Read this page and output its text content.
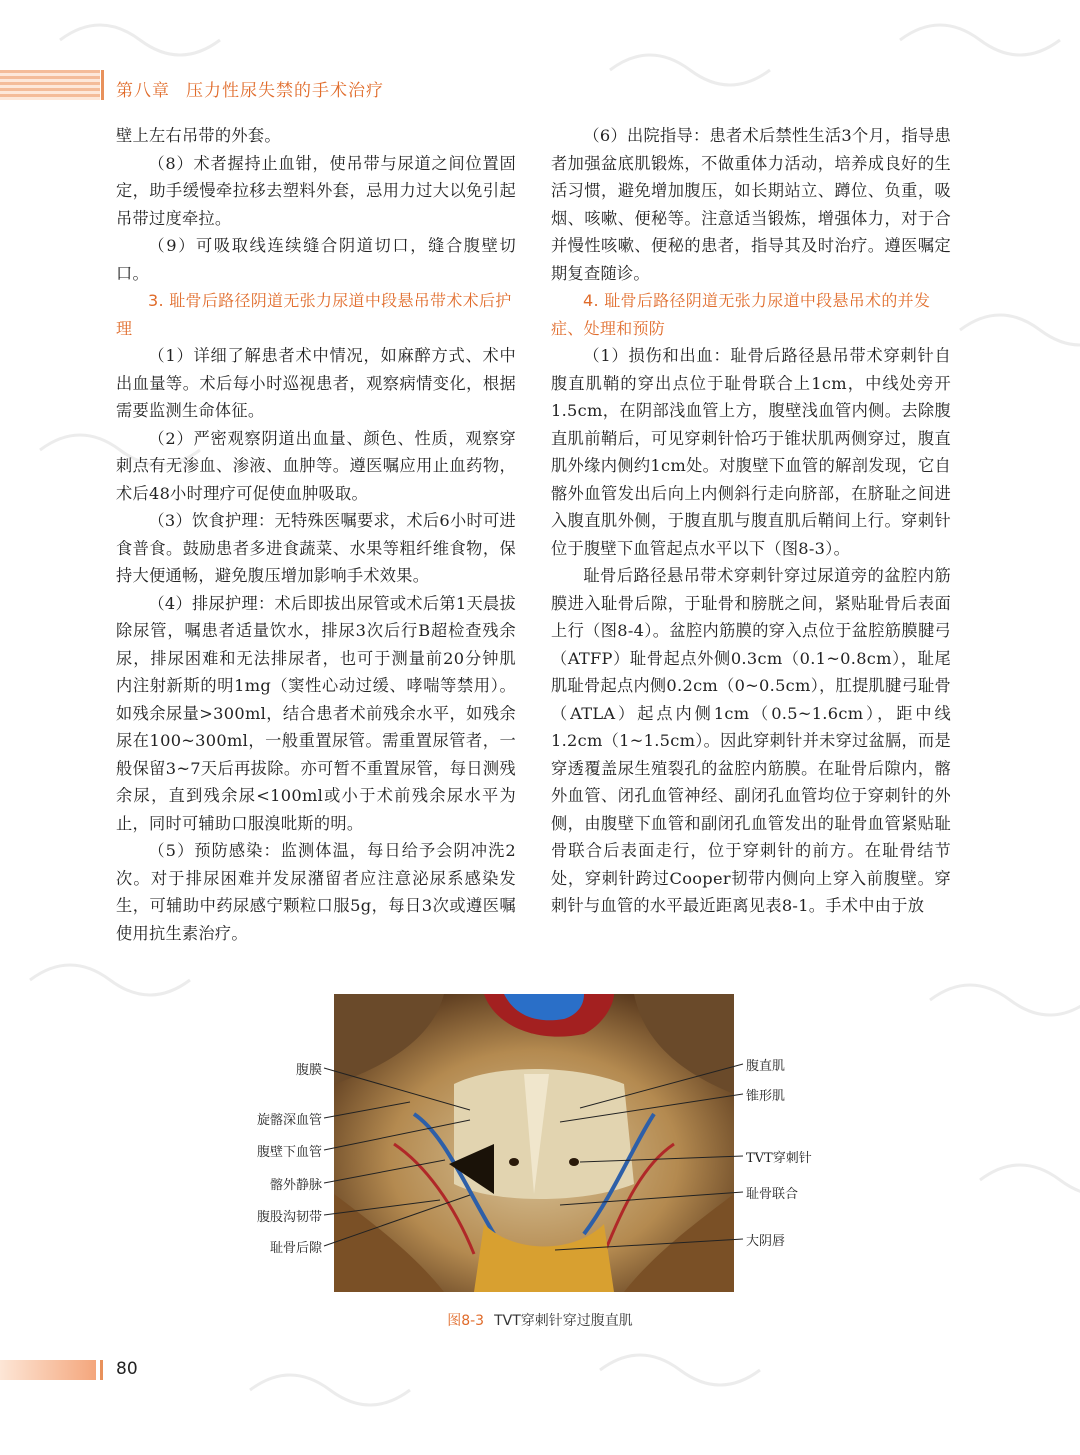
第八章 压力性尿失禁的手术治疗

壁上左右吊带的外套。

（8）术者握持止血钳，使吊带与尿道之间位置固定，助手缓慢牵拉移去塑料外套，忌用力过大以免引起吊带过度牵拉。

（9）可吸取线连续缝合阴道切口，缝合腹壁切口。

3. 耻骨后路径阴道无张力尿道中段悬吊带术术后护理

（1）详细了解患者术中情况，如麻醉方式、术中出血量等。术后每小时巡视患者，观察病情变化，根据需要监测生命体征。

（2）严密观察阴道出血量、颜色、性质，观察穿刺点有无渗血、渗液、血肿等。遵医嘱应用止血药物，术后48小时理疗可促使血肿吸取。

（3）饮食护理：无特殊医嘱要求，术后6小时可进食普食。鼓励患者多进食蔬菜、水果等粗纤维食物，保持大便通畅，避免腹压增加影响手术效果。

（4）排尿护理：术后即拔出尿管或术后第1天晨拔除尿管，嘱患者适量饮水，排尿3次后行B超检查残余尿，排尿困难和无法排尿者，也可于测量前20分钟肌内注射新斯的明1mg（窦性心动过缓、哮喘等禁用）。如残余尿量>300ml，结合患者术前残余水平，如残余尿在100~300ml，一般重置尿管。需重置尿管者，一般保留3~7天后再拔除。亦可暂不重置尿管，每日测残余尿，直到残余尿<100ml或小于术前残余尿水平为止，同时可辅助口服溴吡斯的明。

（5）预防感染：监测体温，每日给予会阴冲洗2次。对于排尿困难并发尿潴留者应注意泌尿系感染发生，可辅助中药尿感宁颗粒口服5g，每日3次或遵医嘱使用抗生素治疗。

（6）出院指导：患者术后禁性生活3个月，指导患者加强盆底肌锻炼，不做重体力活动，培养成良好的生活习惯，避免增加腹压，如长期站立、蹲位、负重，吸烟、咳嗽、便秘等。注意适当锻炼，增强体力，对于合并慢性咳嗽、便秘的患者，指导其及时治疗。遵医嘱定期复查随诊。

4. 耻骨后路径阴道无张力尿道中段悬吊术的并发症、处理和预防

（1）损伤和出血：耻骨后路径悬吊带术穿刺针自腹直肌鞘的穿出点位于耻骨联合上1cm，中线处旁开1.5cm，在阴部浅血管上方，腹壁浅血管内侧。去除腹直肌前鞘后，可见穿刺针恰巧于锥状肌两侧穿过，腹直肌外缘内侧约1cm处。对腹壁下血管的解剖发现，它自髂外血管发出后向上内侧斜行走向脐部，在脐耻之间进入腹直肌外侧，于腹直肌与腹直肌后鞘间上行。穿刺针位于腹壁下血管起点水平以下（图8-3）。

耻骨后路径悬吊带术穿刺针穿过尿道旁的盆腔内筋膜进入耻骨后隙，于耻骨和膀胱之间，紧贴耻骨后表面上行（图8-4）。盆腔内筋膜的穿入点位于盆腔筋膜腱弓（ATFP）耻骨起点外侧0.3cm（0.1~0.8cm），耻尾肌耻骨起点内侧0.2cm（0~0.5cm），肛提肌腱弓耻骨（ATLA）起点内侧1cm（0.5~1.6cm），距中线1.2cm（1~1.5cm）。因此穿刺针并未穿过盆膈，而是穿透覆盖尿生殖裂孔的盆腔内筋膜。在耻骨后隙内，髂外血管、闭孔血管神经、副闭孔血管均位于穿刺针的外侧，由腹壁下血管和副闭孔血管发出的耻骨血管紧贴耻骨联合后表面走行，位于穿刺针的前方。在耻骨结节处，穿刺针跨过Cooper韧带内侧向上穿入前腹壁。穿刺针与血管的水平最近距离见表8-1。手术中由于放

腹膜
旋髂深血管
腹壁下血管
髂外静脉
腹股沟韧带
耻骨后隙
腹直肌
锥形肌
TVT穿刺针
耻骨联合
大阴唇
图8-3 TVT穿刺针穿过腹直肌
80
